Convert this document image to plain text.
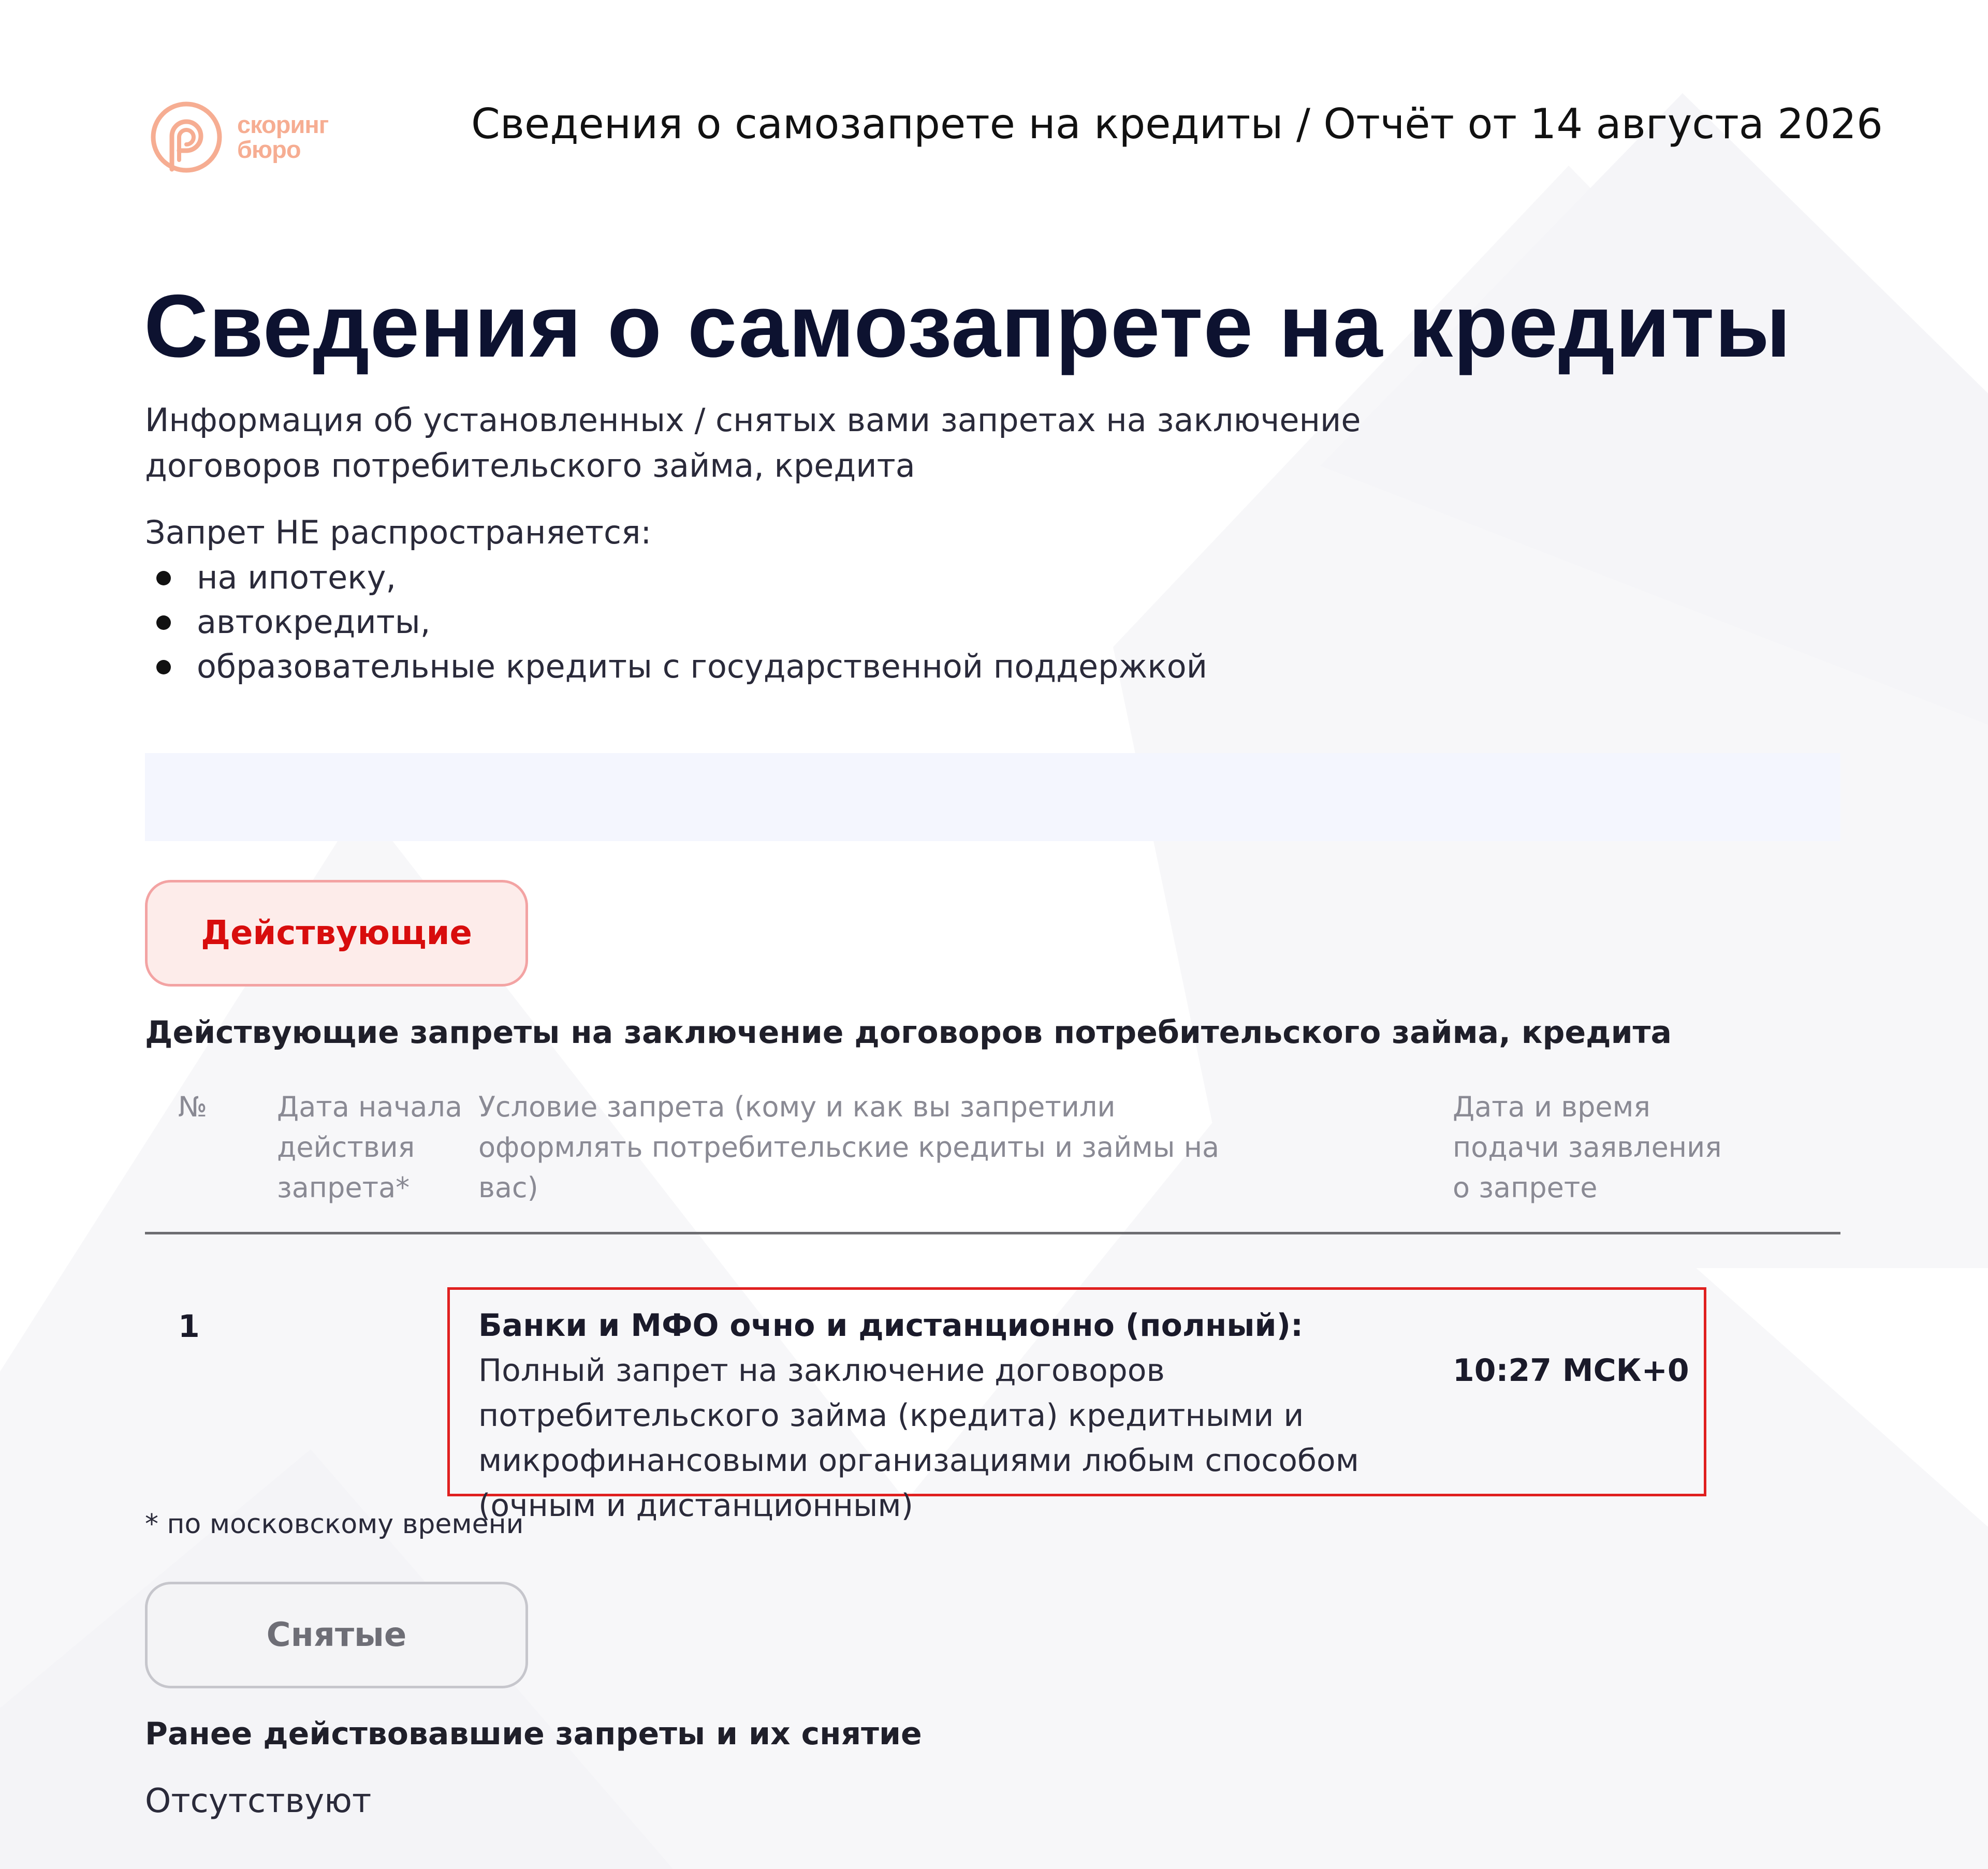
скоринг
бюро
Сведения о самозапрете на кредиты / Отчёт от 14 августа 2026
Сведения о самозапрете на кредиты

Информация об установленных / снятых вами запретах на заключение договоров потребительского займа, кредита

Запрет НЕ распространяется:
на ипотеку,
автокредиты,
образовательные кредиты с государственной поддержкой
Действующие
Действующие запреты на заключение договоров потребительского займа, кредита
№ Дата начала действия запрета*
Условие запрета (кому и как вы запретили оформлять потребительские кредиты и займы на вас)
Дата и время подачи заявления о запрете
1	Банки и МФО очно и дистанционно (полный):
Полный запрет на заключение договоров потребительского займа (кредита) кредитными и микрофинансовыми организациями любым способом (очным и дистанционным)
10:27 МСК+0
* по московскому времени
Снятые
Ранее действовавшие запреты и их снятие
Отсутствуют
